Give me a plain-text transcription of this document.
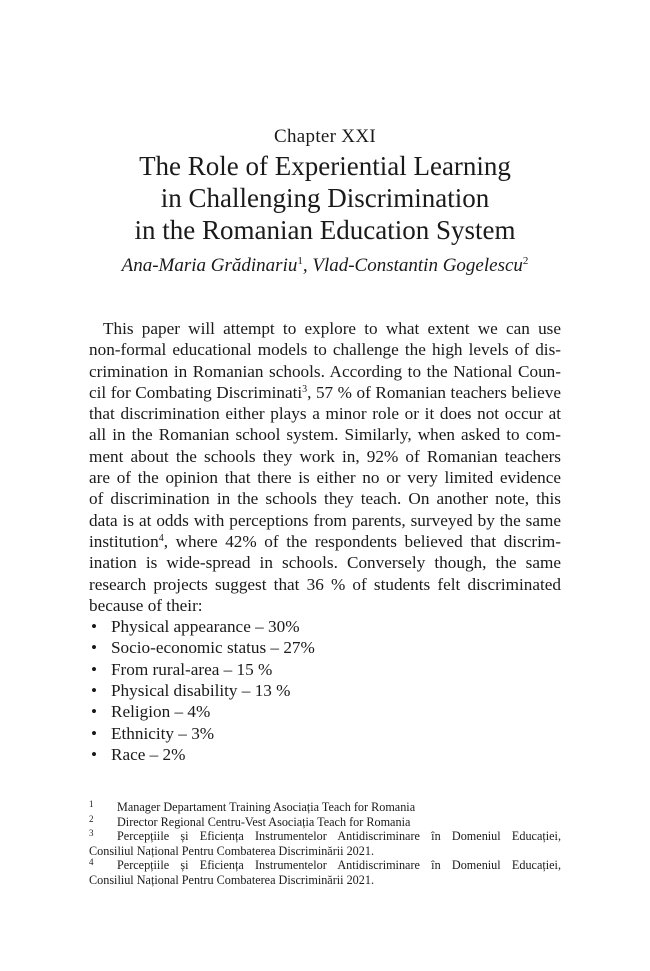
Chapter XXI
The Role of Experiential Learning
in Challenging Discrimination
in the Romanian Education System
Ana-Maria Grădinariu$^1$, Vlad-Constantin Gogelescu$^2$
This paper will attempt to explore to what extent we can use
non-formal educational models to challenge the high levels of dis-
crimination in Romanian schools. According to the National Coun-
cil for Combating Discriminati$^3$, 57 % of Romanian teachers believe
that discrimination either plays a minor role or it does not occur at
all in the Romanian school system. Similarly, when asked to com-
ment about the schools they work in, 92% of Romanian teachers
are of the opinion that there is either no or very limited evidence
of discrimination in the schools they teach. On another note, this
data is at odds with perceptions from parents, surveyed by the same
institution$^4$, where 42% of the respondents believed that discrim-
ination is wide-spread in schools. Conversely though, the same
research projects suggest that 36 % of students felt discriminated
because of their:
• Physical appearance – 30%
• Socio-economic status – 27%
• From rural-area – 15 %
• Physical disability – 13 %
• Religion – 4%
• Ethnicity – 3%
• Race – 2%
1 Manager Departament Training Asociația Teach for Romania
2 Director Regional Centru-Vest Asociația Teach for Romania
3 Percepțiile și Eficiența Instrumentelor Antidiscriminare în Domeniul Educației,
Consiliul Național Pentru Combaterea Discriminării 2021.
4 Percepțiile și Eficiența Instrumentelor Antidiscriminare în Domeniul Educației,
Consiliul Național Pentru Combaterea Discriminării 2021.
